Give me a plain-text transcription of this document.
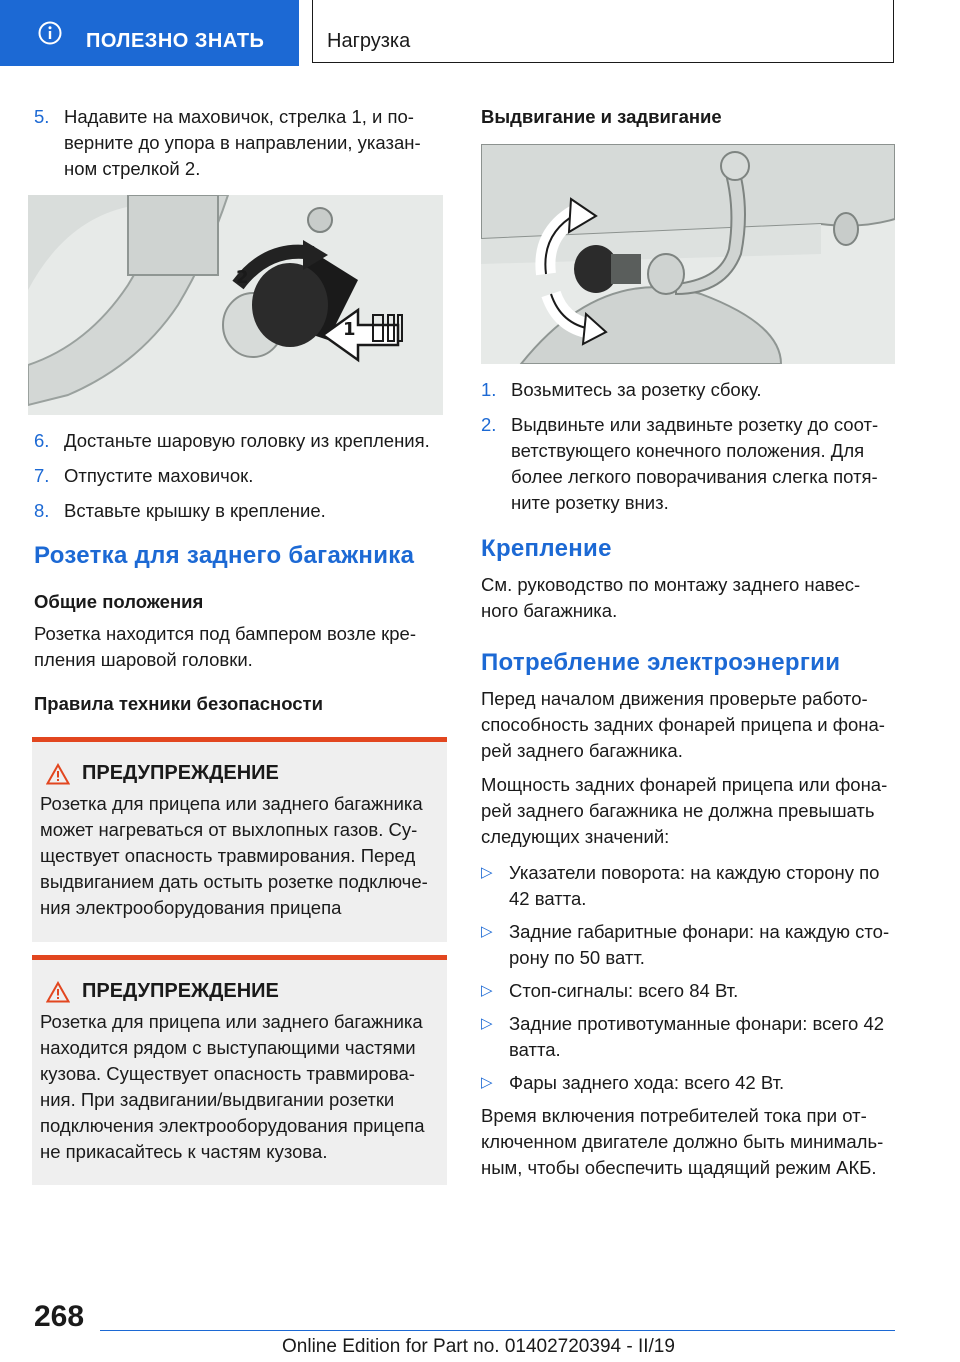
ПОЛЕЗНО ЗНАТЬ	Нагрузка
5. Надавите на маховичок, стрелка 1, и по-верните до упора в направлении, указан-ном стрелкой 2.
1
2
6. Достаньте шаровую головку из крепления.
7. Отпустите маховичок.
8. Вставьте крышку в крепление.
Розетка для заднего багажника
Общие положения
Розетка находится под бампером возле кре-пления шаровой головки.
Правила техники безопасности
ПРЕДУПРЕЖДЕНИЕ
Розетка для прицепа или заднего багажника может нагреваться от выхлопных газов. Су-ществует опасность травмирования. Перед выдвиганием дать остыть розетке подключе-ния электрооборудования прицепа
ПРЕДУПРЕЖДЕНИЕ
Розетка для прицепа или заднего багажника находится рядом с выступающими частями кузова. Существует опасность травмирова-ния. При задвигании/выдвигании розетки подключения электрооборудования прицепа не прикасайтесь к частям кузова.
Выдвигание и задвигание
1. Возьмитесь за розетку сбоку.
2. Выдвиньте или задвиньте розетку до соот-ветствующего конечного положения. Для более легкого поворачивания слегка потя-ните розетку вниз.
Крепление
См. руководство по монтажу заднего навес-ного багажника.
Потребление электроэнергии
Перед началом движения проверьте работо-способность задних фонарей прицепа и фона-рей заднего багажника.
Мощность задних фонарей прицепа или фона-рей заднего багажника не должна превышать следующих значений:
▷ Указатели поворота: на каждую сторону по 42 ватта.
▷ Задние габаритные фонари: на каждую сто-рону по 50 ватт.
▷ Стоп-сигналы: всего 84 Вт.
▷ Задние противотуманные фонари: всего 42 ватта.
▷ Фары заднего хода: всего 42 Вт.
Время включения потребителей тока при от-ключенном двигателе должно быть минималь-ным, чтобы обеспечить щадящий режим АКБ.
268
Online Edition for Part no. 01402720394 - II/19
